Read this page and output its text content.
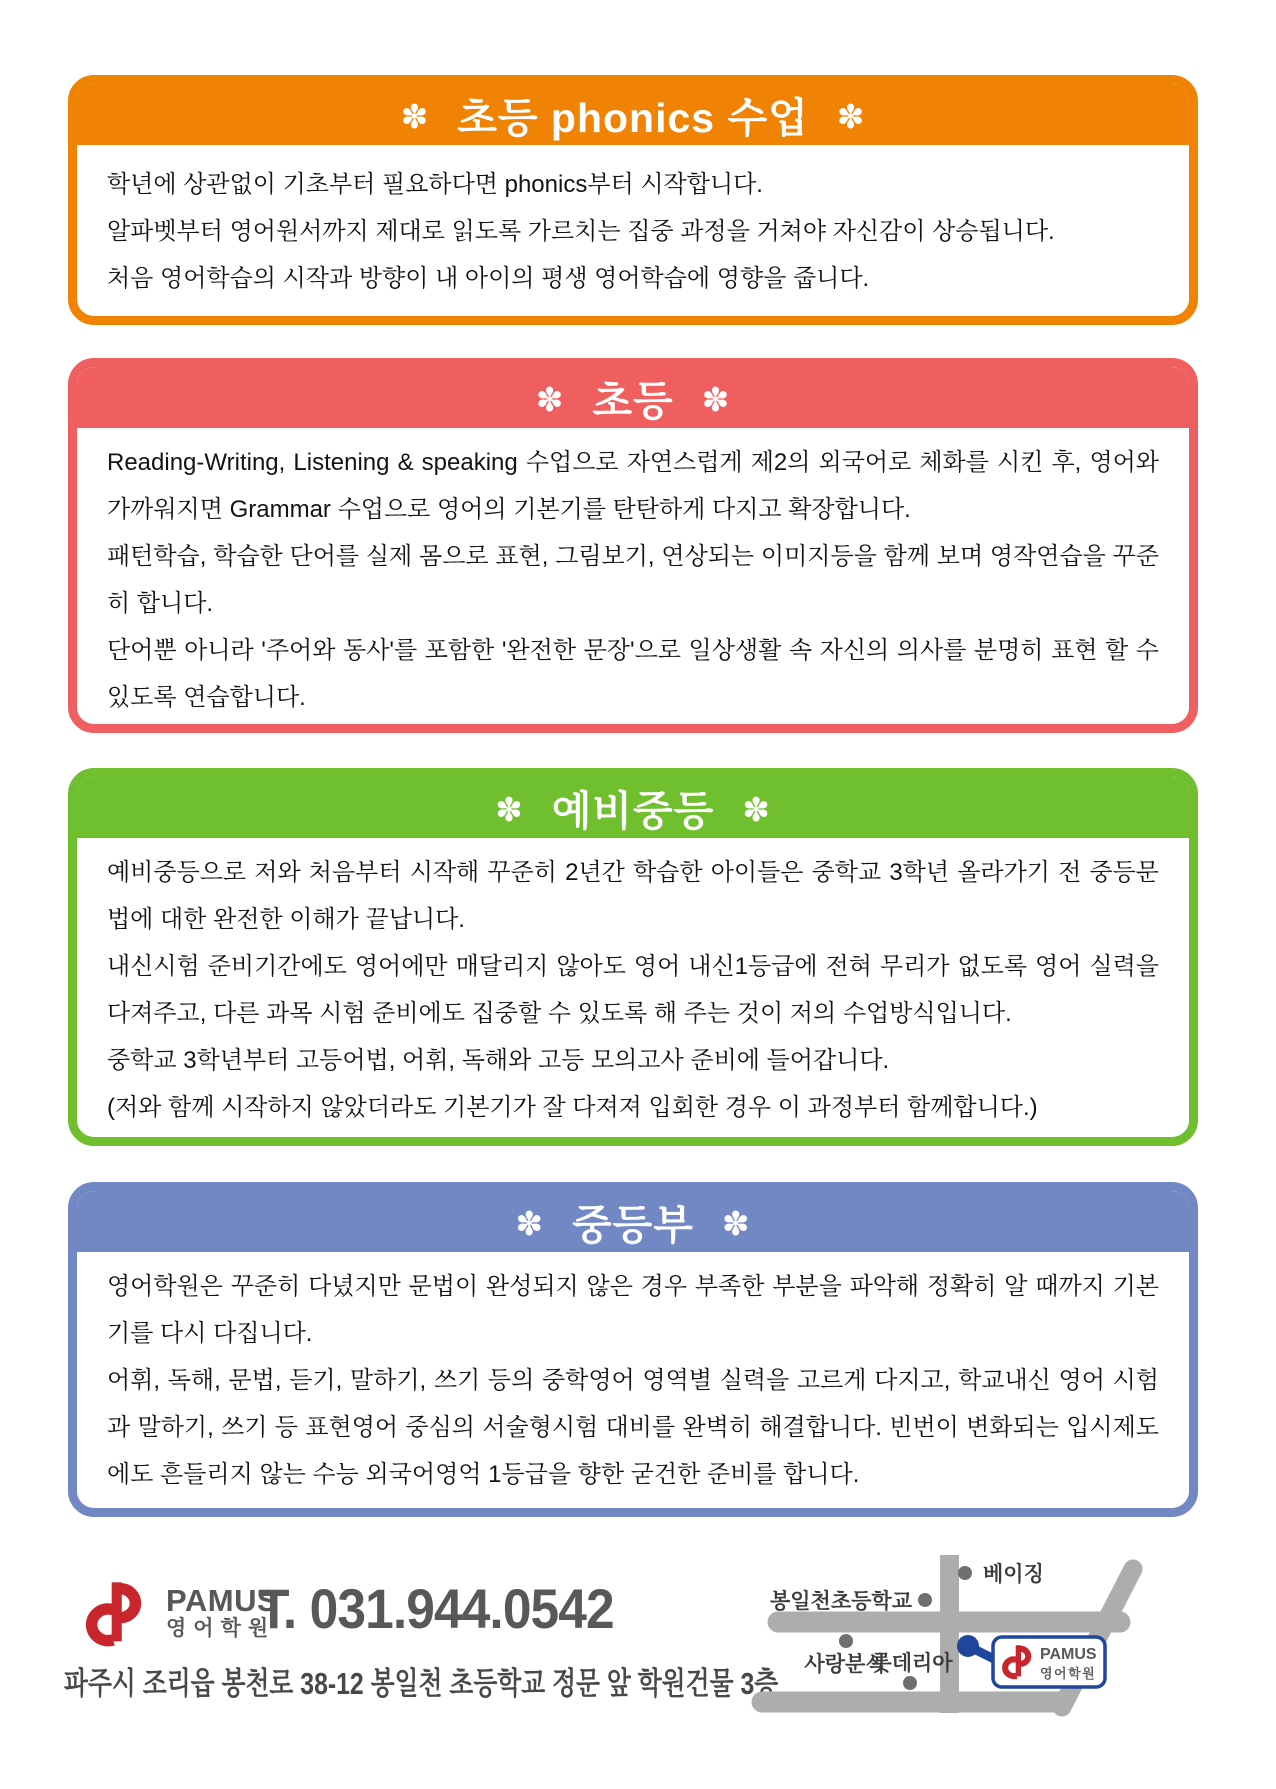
✽ 초등 phonics 수업 ✽

학년에 상관없이 기초부터 필요하다면 phonics부터 시작합니다.

알파벳부터 영어원서까지 제대로 읽도록 가르치는 집중 과정을 거쳐야 자신감이 상승됩니다.

처음 영어학습의 시작과 방향이 내 아이의 평생 영어학습에 영향을 줍니다.

✽ 초등 ✽

Reading-Writing, Listening & speaking 수업으로 자연스럽게 제2의 외국어로 체화를 시킨 후, 영어와 가까워지면 Grammar 수업으로 영어의 기본기를 탄탄하게 다지고 확장합니다.

패턴학습, 학습한 단어를 실제 몸으로 표현, 그림보기, 연상되는 이미지등을 함께 보며 영작연습을 꾸준히 합니다.

단어뿐 아니라 '주어와 동사'를 포함한 '완전한 문장'으로 일상생활 속 자신의 의사를 분명히 표현 할 수 있도록 연습합니다.

✽ 예비중등 ✽

예비중등으로 저와 처음부터 시작해 꾸준히 2년간 학습한 아이들은 중학교 3학년 올라가기 전 중등문법에 대한 완전한 이해가 끝납니다.

내신시험 준비기간에도 영어에만 매달리지 않아도 영어 내신1등급에 전혀 무리가 없도록 영어 실력을 다져주고, 다른 과목 시험 준비에도 집중할 수 있도록 해 주는 것이 저의 수업방식입니다.

중학교 3학년부터 고등어법, 어휘, 독해와 고등 모의고사 준비에 들어갑니다.

(저와 함께 시작하지 않았더라도 기본기가 잘 다져져 입회한 경우 이 과정부터 함께합니다.)

✽ 중등부 ✽

영어학원은 꾸준히 다녔지만 문법이 완성되지 않은 경우 부족한 부분을 파악해 정확히 알 때까지 기본기를 다시 다집니다.

어휘, 독해, 문법, 듣기, 말하기, 쓰기 등의 중학영어 영역별 실력을 고르게 다지고, 학교내신 영어 시험과 말하기, 쓰기 등 표현영어 중심의 서술형시험 대비를 완벽히 해결합니다. 빈번이 변화되는 입시제도에도 흔들리지 않는 수능 외국어영억 1등급을 향한 굳건한 준비를 합니다.

PAMUS
영어학원
T. 031.944.0542
파주시 조리읍 봉천로 38-12 봉일천 초등학교 정문 앞 학원건물 3층
베이징
봉일천초등학교
사랑분식
롯데리아	PAMUS
영어학원
